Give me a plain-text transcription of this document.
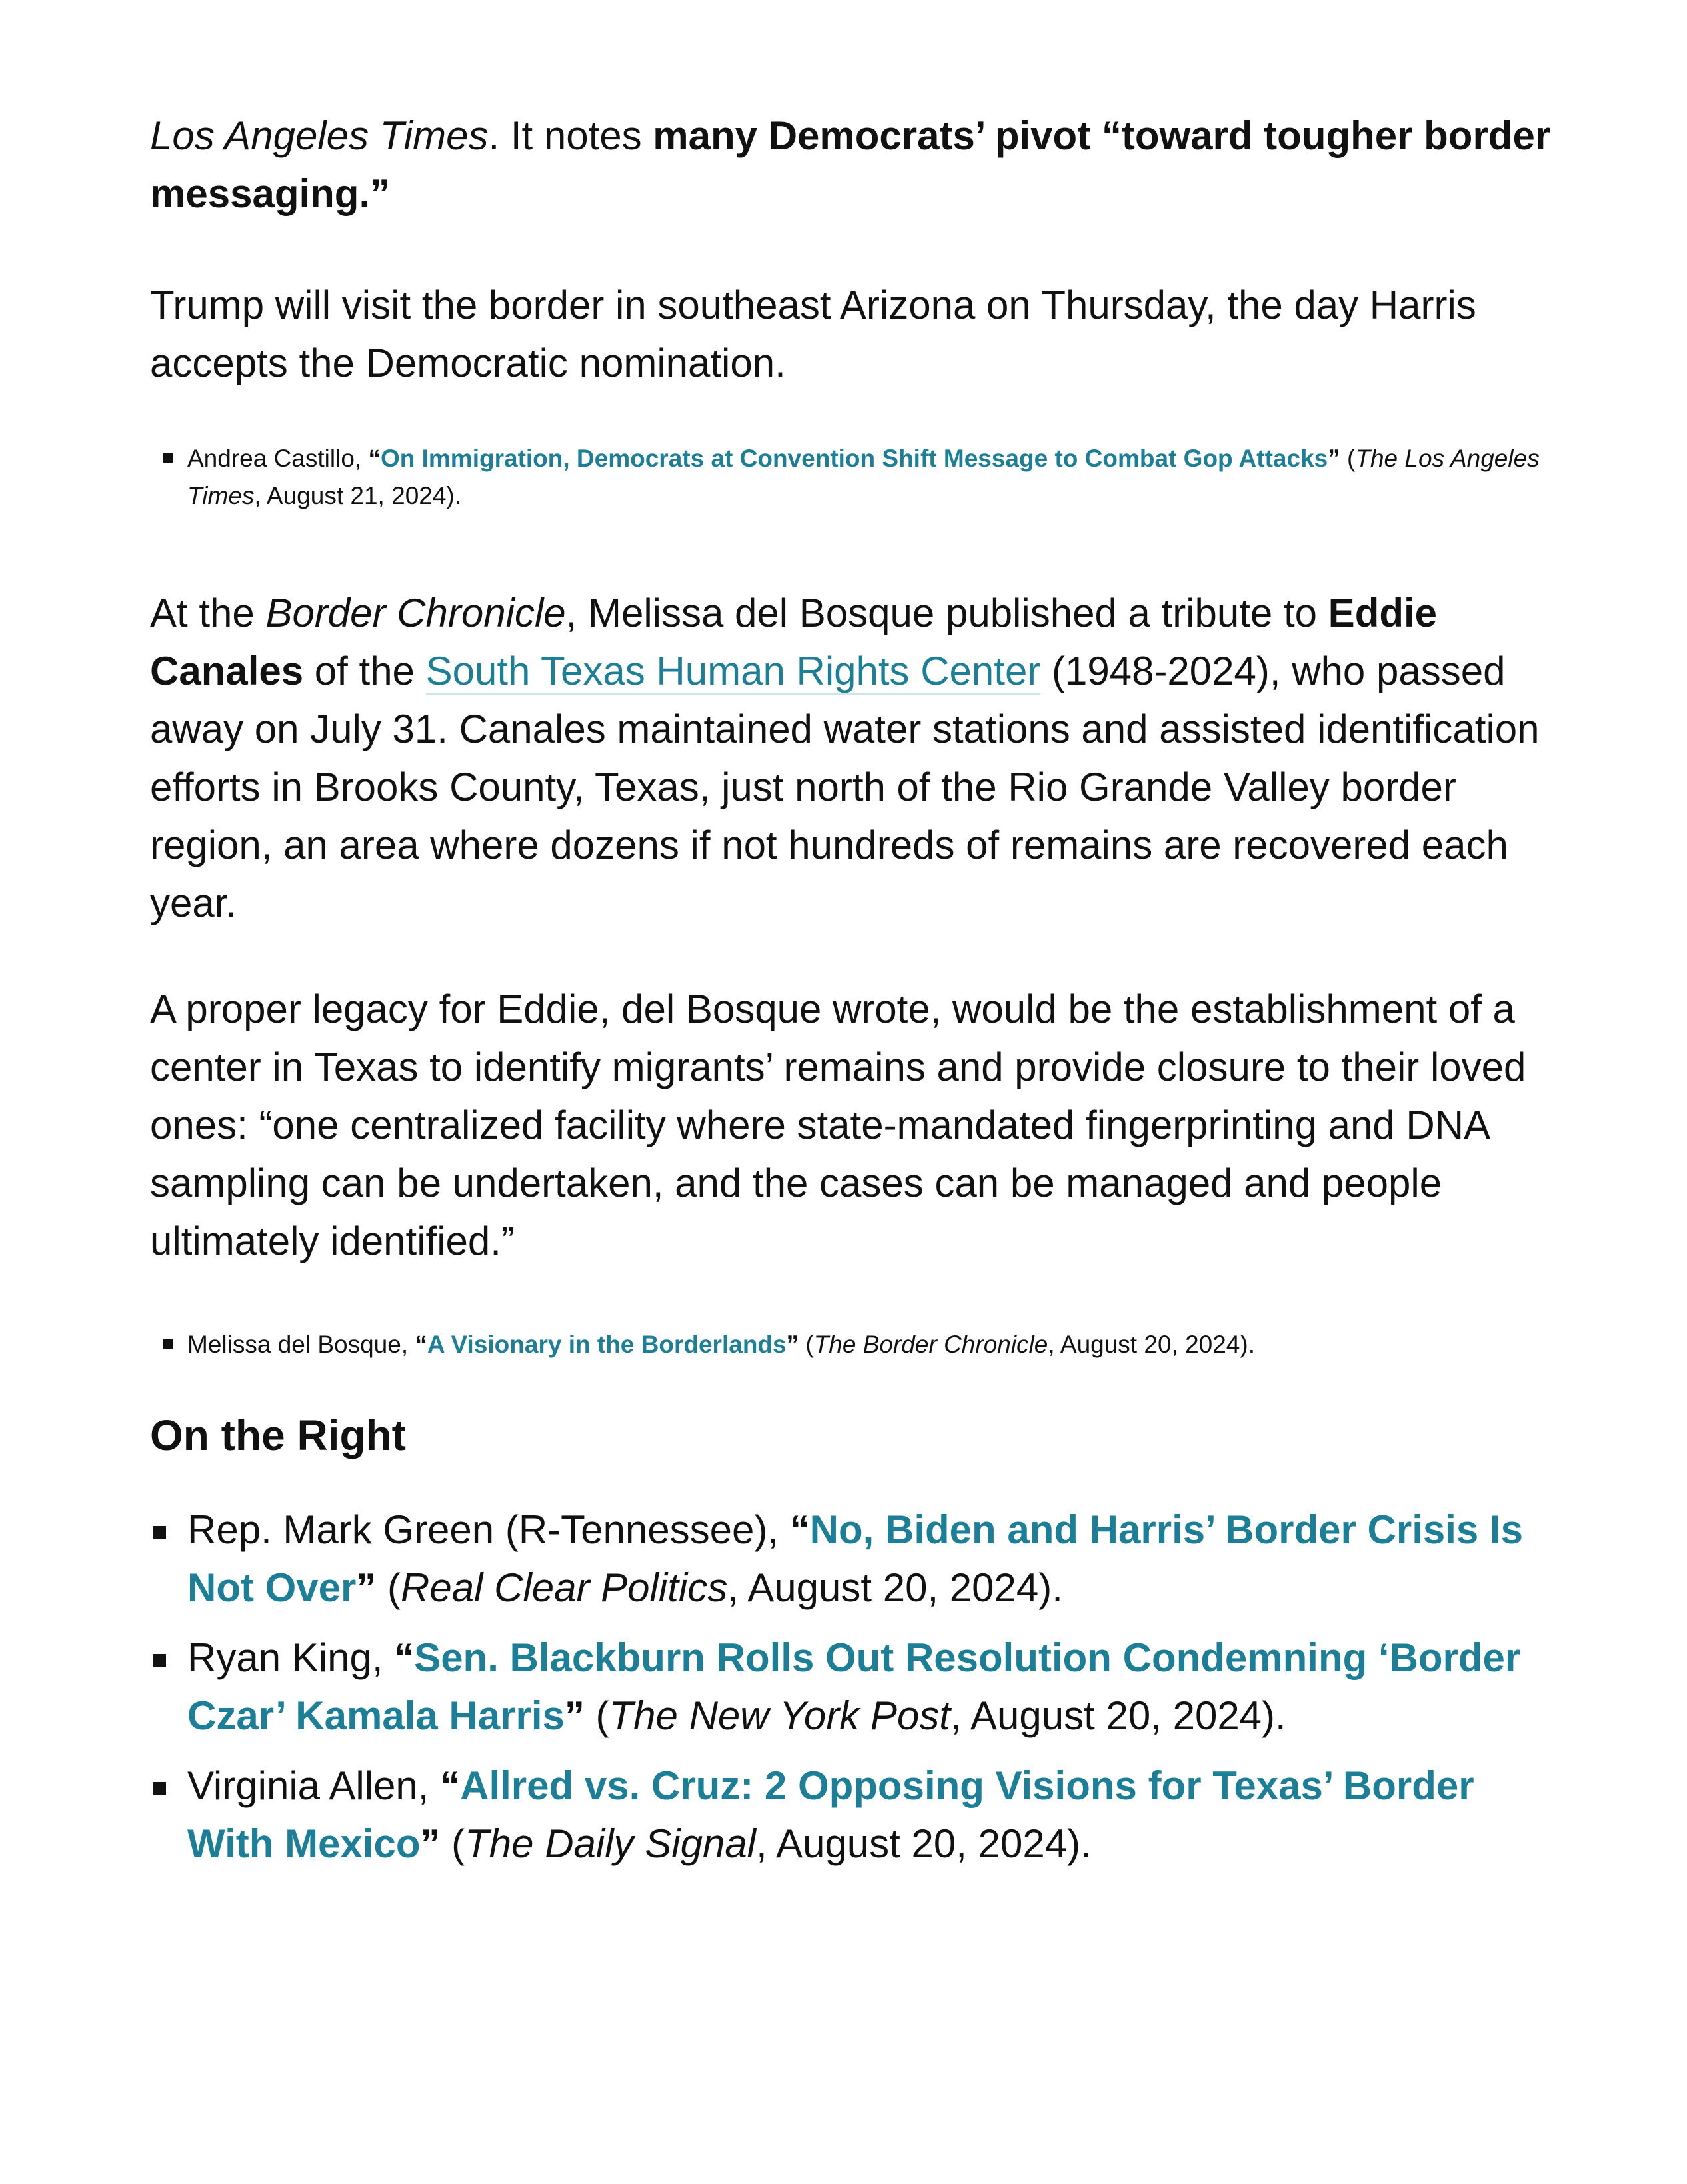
Los Angeles Times. It notes many Democrats’ pivot “toward tougher border messaging.”

Trump will visit the border in southeast Arizona on Thursday, the day Harris accepts the Democratic nomination.

Andrea Castillo, “On Immigration, Democrats at Convention Shift Message to Combat Gop Attacks” (The Los Angeles Times, August 21, 2024).

At the Border Chronicle, Melissa del Bosque published a tribute to Eddie Canales of the South Texas Human Rights Center (1948-2024), who passed away on July 31. Canales maintained water stations and assisted identification efforts in Brooks County, Texas, just north of the Rio Grande Valley border region, an area where dozens if not hundreds of remains are recovered each year.

A proper legacy for Eddie, del Bosque wrote, would be the establishment of a center in Texas to identify migrants’ remains and provide closure to their loved ones: “one centralized facility where state-mandated fingerprinting and DNA sampling can be undertaken, and the cases can be managed and people ultimately identified.”

Melissa del Bosque, “A Visionary in the Borderlands” (The Border Chronicle, August 20, 2024).
On the Right
Rep. Mark Green (R-Tennessee), “No, Biden and Harris’ Border Crisis Is Not Over” (Real Clear Politics, August 20, 2024).
Ryan King, “Sen. Blackburn Rolls Out Resolution Condemning ‘Border Czar’ Kamala Harris” (The New York Post, August 20, 2024).
Virginia Allen, “Allred vs. Cruz: 2 Opposing Visions for Texas’ Border With Mexico” (The Daily Signal, August 20, 2024).
